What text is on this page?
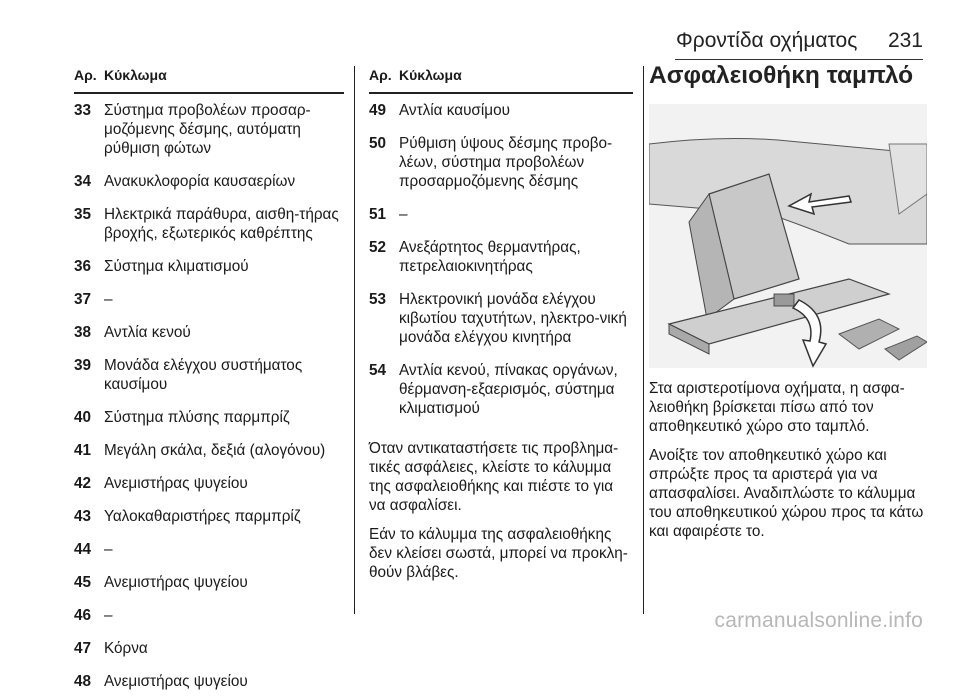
Φροντίδα οχήματος 231
Αρ. Κύκλωμα
33 Σύστημα προβολέων προσαρ-μοζόμενης δέσμης, αυτόματη ρύθμιση φώτων
34 Ανακυκλοφορία καυσαερίων
35 Ηλεκτρικά παράθυρα, αισθη-τήρας βροχής, εξωτερικός καθρέπτης
36 Σύστημα κλιματισμού
37 –
38 Αντλία κενού
39 Μονάδα ελέγχου συστήματος καυσίμου
40 Σύστημα πλύσης παρμπρίζ
41 Μεγάλη σκάλα, δεξιά (αλογόνου)
42 Ανεμιστήρας ψυγείου
43 Υαλοκαθαριστήρες παρμπρίζ
44 –
45 Ανεμιστήρας ψυγείου
46 –
47 Κόρνα
48 Ανεμιστήρας ψυγείου
Αρ. Κύκλωμα
49 Αντλία καυσίμου
50 Ρύθμιση ύψους δέσμης προβο-λέων, σύστημα προβολέων προσαρμοζόμενης δέσμης
51 –
52 Ανεξάρτητος θερμαντήρας, πετρελαιοκινητήρας
53 Ηλεκτρονική μονάδα ελέγχου κιβωτίου ταχυτήτων, ηλεκτρο-νική μονάδα ελέγχου κινητήρα
54 Αντλία κενού, πίνακας οργάνων, θέρμανση-εξαερισμός, σύστημα κλιματισμού

Όταν αντικαταστήσετε τις προβλημα-τικές ασφάλειες, κλείστε το κάλυμμα της ασφαλειοθήκης και πιέστε το για να ασφαλίσει.

Εάν το κάλυμμα της ασφαλειοθήκης δεν κλείσει σωστά, μπορεί να προκλη-θούν βλάβες.

Ασφαλειοθήκη ταμπλό

Στα αριστεροτίμονα οχήματα, η ασφα-λειοθήκη βρίσκεται πίσω από τον αποθηκευτικό χώρο στο ταμπλό.

Ανοίξτε τον αποθηκευτικό χώρο και σπρώξτε προς τα αριστερά για να απασφαλίσει. Αναδιπλώστε το κάλυμμα του αποθηκευτικού χώρου προς τα κάτω και αφαιρέστε το.

carmanualsonline.info
